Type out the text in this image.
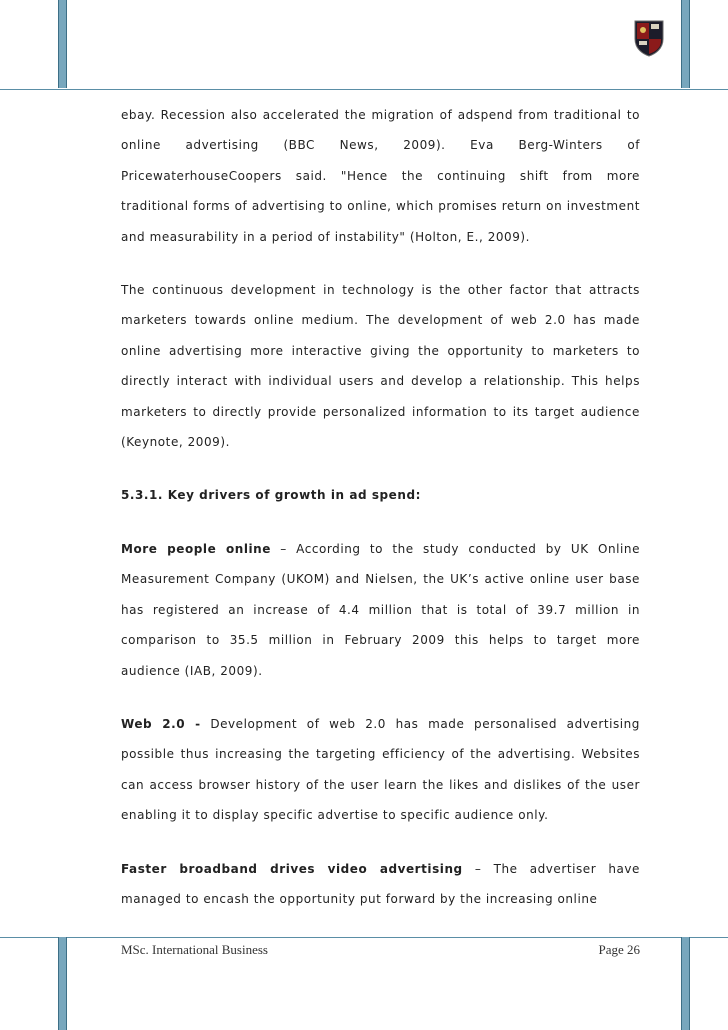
ebay. Recession also accelerated the migration of adspend from traditional to online advertising (BBC News, 2009). Eva Berg-Winters of PricewaterhouseCoopers said. "Hence the continuing shift from more traditional forms of advertising to online, which promises return on investment and measurability in a period of instability" (Holton, E., 2009).

The continuous development in technology is the other factor that attracts marketers towards online medium. The development of web 2.0 has made online advertising more interactive giving the opportunity to marketers to directly interact with individual users and develop a relationship. This helps marketers to directly provide personalized information to its target audience (Keynote, 2009).

5.3.1. Key drivers of growth in ad spend:

More people online – According to the study conducted by UK Online Measurement Company (UKOM) and Nielsen, the UK’s active online user base has registered an increase of 4.4 million that is total of 39.7 million in comparison to 35.5 million in February 2009 this helps to target more audience (IAB, 2009).

Web 2.0 - Development of web 2.0 has made personalised advertising possible thus increasing the targeting efficiency of the advertising. Websites can access browser history of the user learn the likes and dislikes of the user enabling it to display specific advertise to specific audience only.

Faster broadband drives video advertising – The advertiser have managed to encash the opportunity put forward by the increasing online

MSc. International Business	Page 26
